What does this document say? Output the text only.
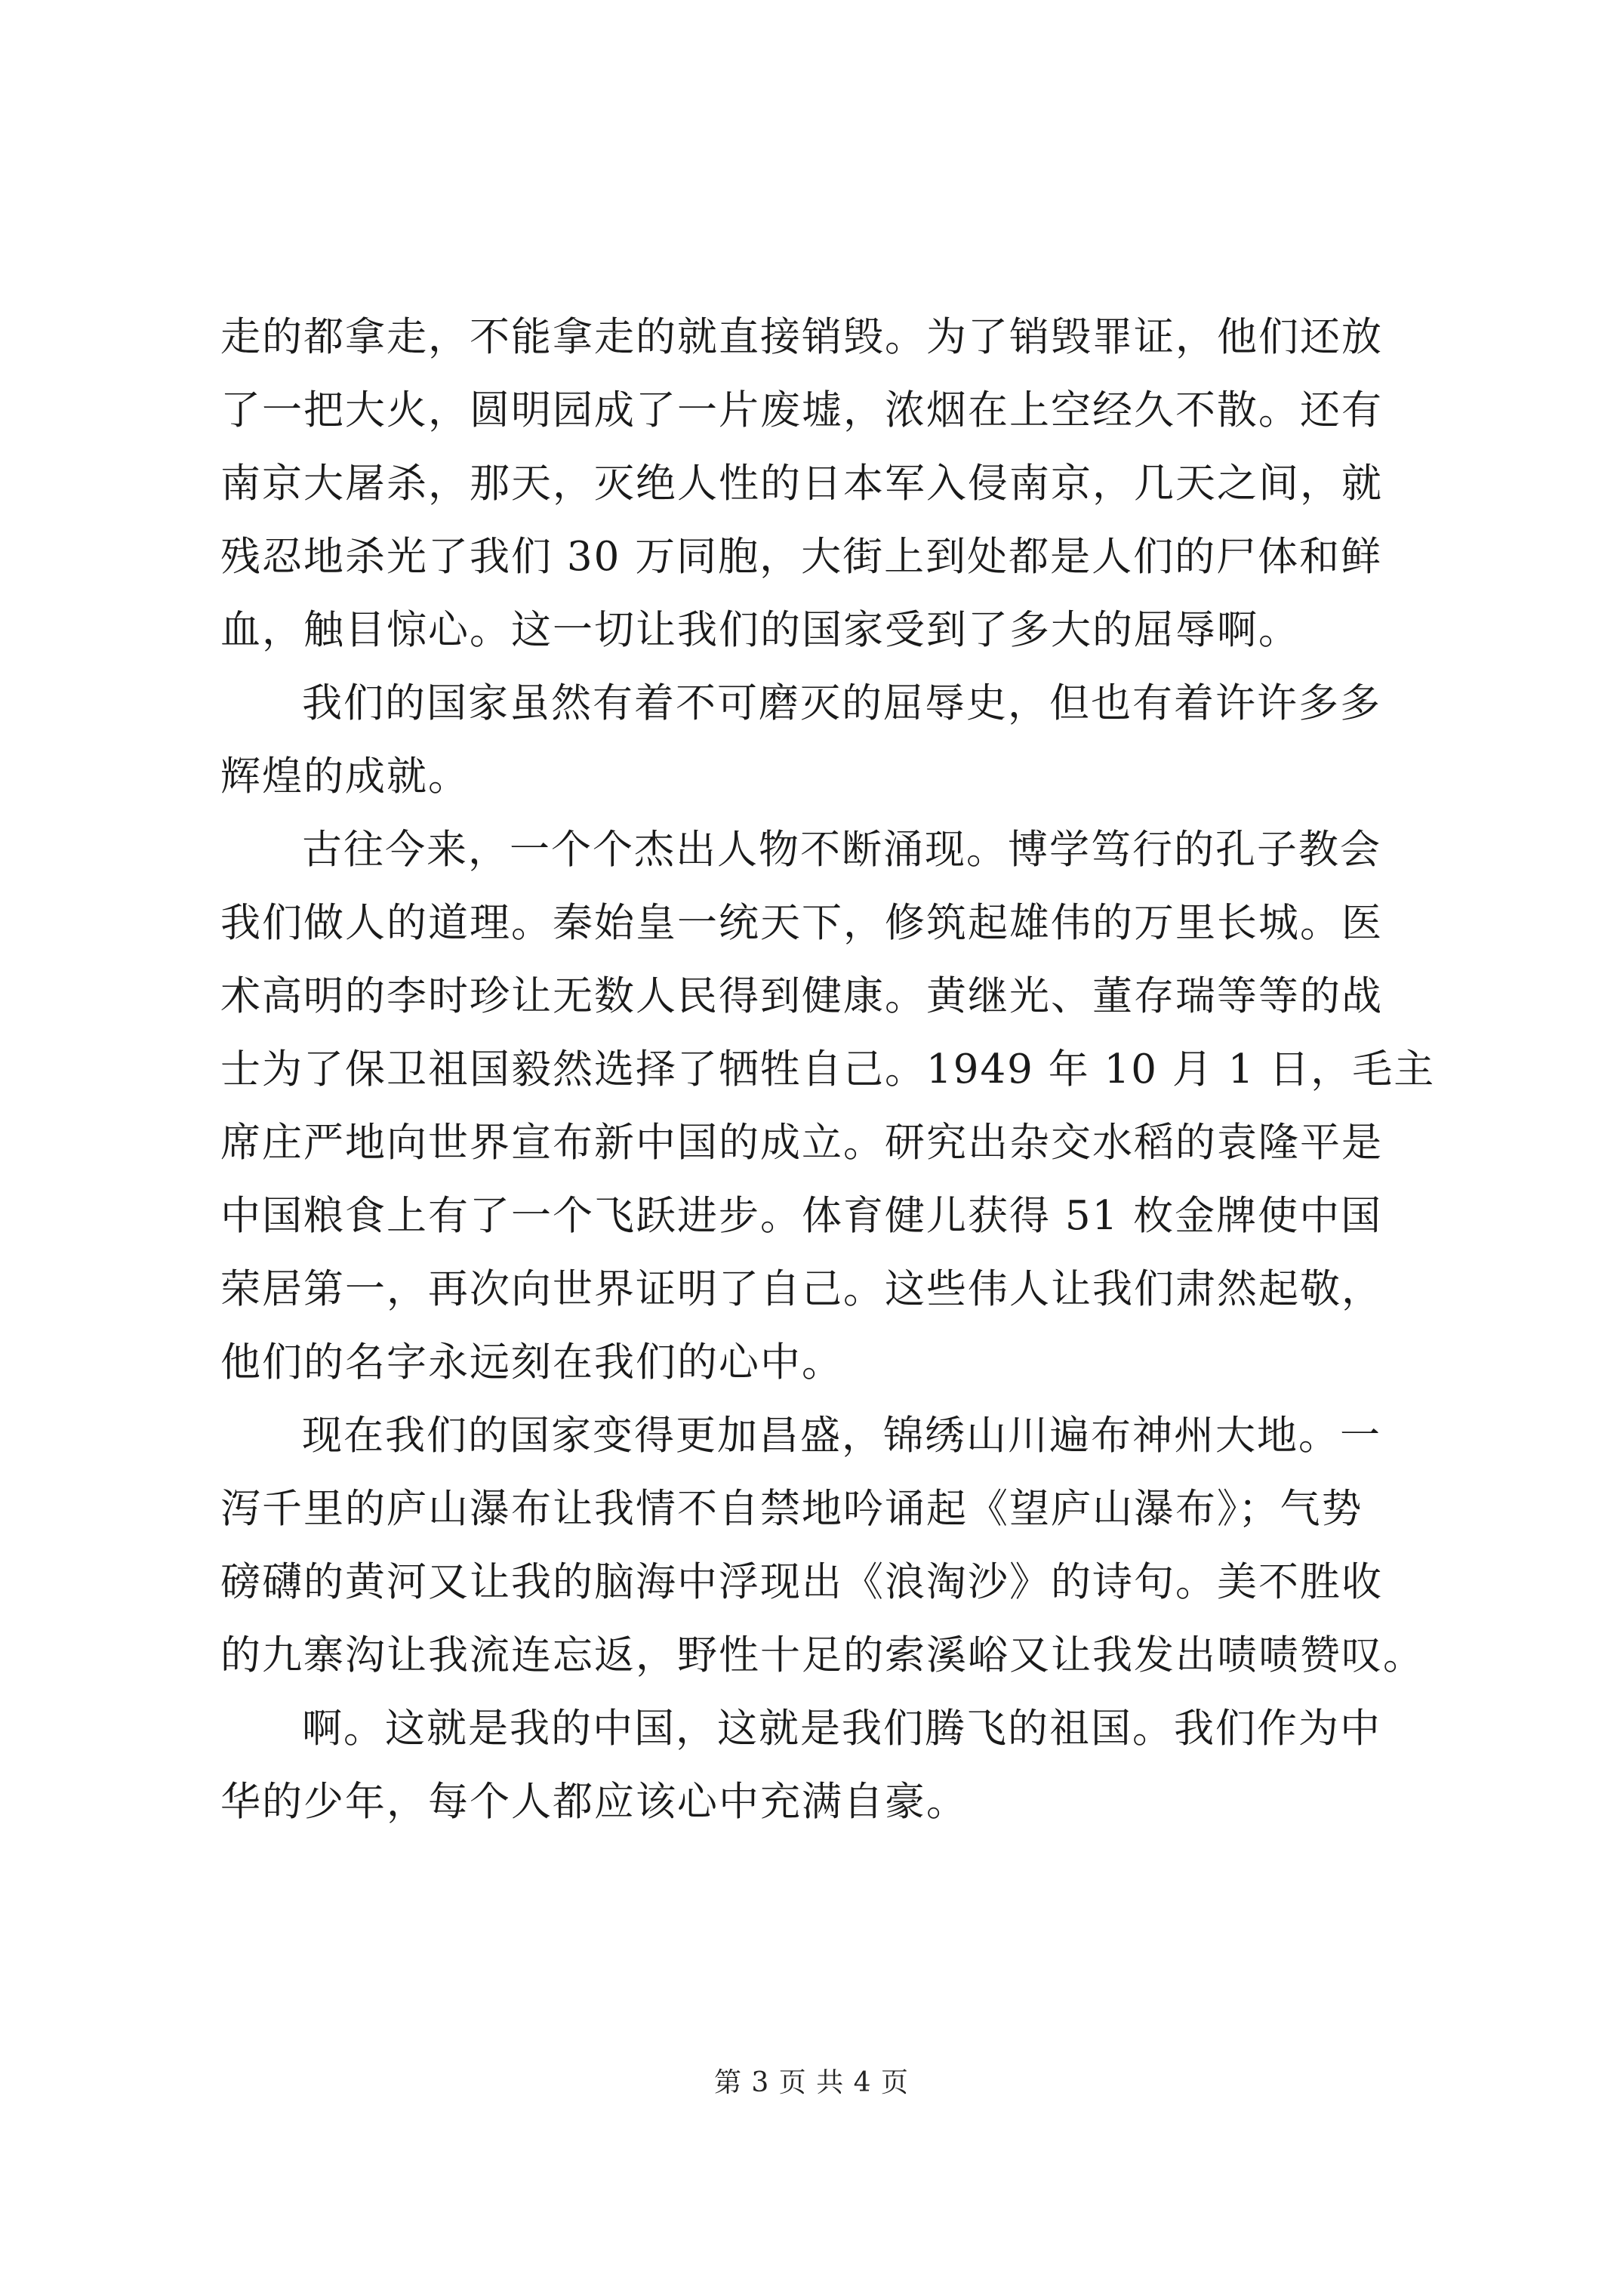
走的都拿走，不能拿走的就直接销毁。为了销毁罪证，他们还放
了一把大火，圆明园成了一片废墟，浓烟在上空经久不散。还有
南京大屠杀，那天，灭绝人性的日本军入侵南京，几天之间，就
残忍地杀光了我们 30 万同胞，大街上到处都是人们的尸体和鲜
血，触目惊心。这一切让我们的国家受到了多大的屈辱啊。
我们的国家虽然有着不可磨灭的屈辱史，但也有着许许多多
辉煌的成就。
古往今来，一个个杰出人物不断涌现。博学笃行的孔子教会
我们做人的道理。秦始皇一统天下，修筑起雄伟的万里长城。医
术高明的李时珍让无数人民得到健康。黄继光、董存瑞等等的战
士为了保卫祖国毅然选择了牺牲自己。1949 年 10 月 1 日，毛主
席庄严地向世界宣布新中国的成立。研究出杂交水稻的袁隆平是
中国粮食上有了一个飞跃进步。体育健儿获得 51 枚金牌使中国
荣居第一，再次向世界证明了自己。这些伟人让我们肃然起敬，
他们的名字永远刻在我们的心中。
现在我们的国家变得更加昌盛，锦绣山川遍布神州大地。一
泻千里的庐山瀑布让我情不自禁地吟诵起《望庐山瀑布》；气势
磅礴的黄河又让我的脑海中浮现出《浪淘沙》的诗句。美不胜收
的九寨沟让我流连忘返，野性十足的索溪峪又让我发出啧啧赞叹。
啊。这就是我的中国，这就是我们腾飞的祖国。我们作为中
华的少年，每个人都应该心中充满自豪。
第 3 页 共 4 页
